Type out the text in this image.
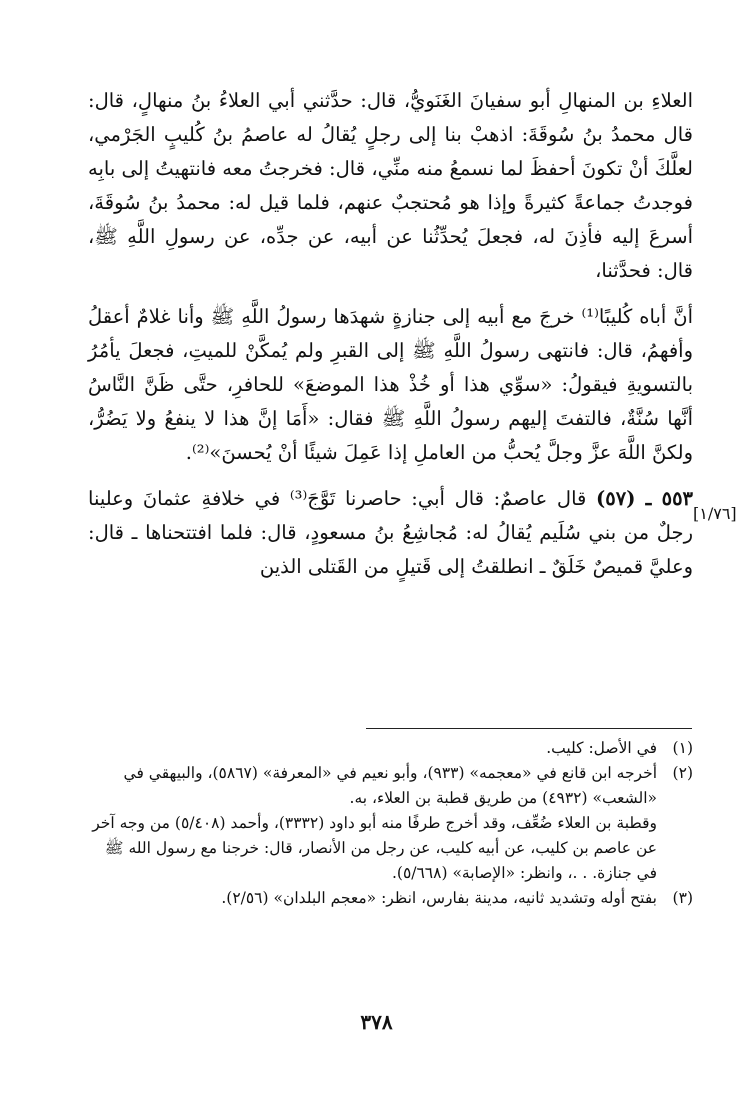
العلاءِ بن المنهالِ أبو سفيانَ الغَنَويُّ، قال: حدَّثني أبي العلاءُ بنُ منهالٍ، قال: قال محمدُ بنُ سُوقَةَ: اذهبْ بنا إلى رجلٍ يُقالُ له عاصمُ بنُ كُليبٍ الجَرْمي، لعلَّكَ أنْ تكونَ أحفظَ لما نسمعُ منه منِّي، قال: فخرجتُ معه فانتهيتُ إلى بابِه فوجدتُ جماعةً كثيرةً وإذا هو مُحتجبٌ عنهم، فلما قيل له: محمدُ بنُ سُوقَةَ، أسرعَ إليه فأذِنَ له، فجعلَ يُحدِّثُنا عن أبيه، عن جدِّه، عن رسولِ اللَّهِ ﷺ، قال: فحدَّثنا،

أنَّ أباه كُليبًا⁽¹⁾ خرجَ مع أبيه إلى جنازةٍ شهدَها رسولُ اللَّهِ ﷺ وأنا غلامٌ أعقلُ وأفهمُ، قال: فانتهى رسولُ اللَّهِ ﷺ إلى القبرِ ولم يُمكَّنْ للميتِ، فجعلَ يأمُرُ بالتسويةِ فيقولُ: «سوِّي هذا أو خُذْ هذا الموضعَ» للحافرِ، حتَّى ظَنَّ النَّاسُ أنَّها سُنَّةٌ، فالتفتَ إليهم رسولُ اللَّهِ ﷺ فقال: «أَمَا إنَّ هذا لا ينفعُ ولا يَضُرُّ، ولكنَّ اللَّهَ عزَّ وجلَّ يُحبُّ من العاملِ إذا عَمِلَ شيئًا أنْ يُحسنَ»⁽²⁾.

٥٥٣ ـ (٥٧) قال عاصمٌ: قال أبي: حاصرنا تَوَّجَ⁽³⁾ في خلافةِ عثمانَ وعلينا رجلٌ من بني سُلَيم يُقالُ له: مُجاشِعُ بنُ مسعودٍ، قال: فلما افتتحناها ـ قال: وعليَّ قميصٌ خَلَقٌ ـ انطلقتُ إلى قَتيلٍ من القَتلى الذين

[١/٧٦]
(١)
في الأصل: كليب.
(٢)
أخرجه ابن قانع في «معجمه» (٩٣٣)، وأبو نعيم في «المعرفة» (٥٨٦٧)، والبيهقي في «الشعب» (٤٩٣٢) من طريق قطبة بن العلاء، به.
وقطبة بن العلاء ضُعِّف، وقد أخرج طرفًا منه أبو داود (٣٣٣٢)، وأحمد (٥/٤٠٨) من وجه آخر عن عاصم بن كليب، عن أبيه كليب، عن رجل من الأنصار، قال: خرجنا مع رسول الله ﷺ في جنازة. . .، وانظر: «الإصابة» (٥/٦٦٨).
(٣)
بفتح أوله وتشديد ثانيه، مدينة بفارس، انظر: «معجم البلدان» (٢/٥٦).
٣٧٨
